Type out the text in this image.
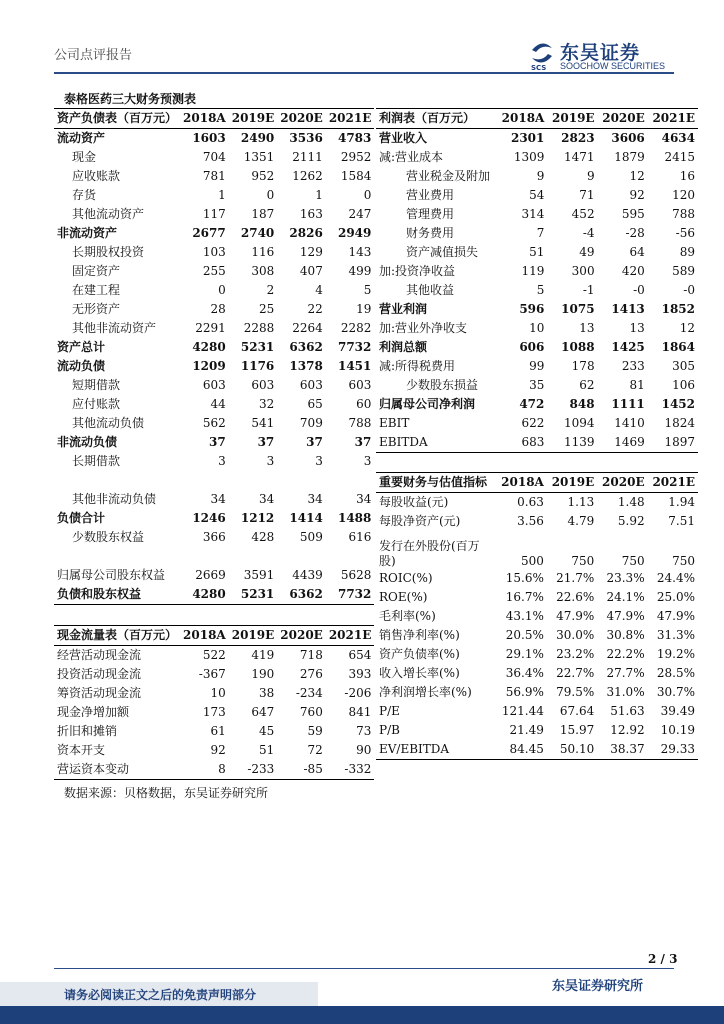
公司点评报告
SCS
东吴证券
SOOCHOW SECURITIES
泰格医药三大财务预测表
资产负债表（百万元）	2018A	2019E	2020E	2021E
流动资产	1603	2490	3536	4783
现金	704	1351	2111	2952
应收账款	781	952	1262	1584
存货	1	0	1	0
其他流动资产	117	187	163	247
非流动资产	2677	2740	2826	2949
长期股权投资	103	116	129	143
固定资产	255	308	407	499
在建工程	0	2	4	5
无形资产	28	25	22	19
其他非流动资产	2291	2288	2264	2282
资产总计	4280	5231	6362	7732
流动负债	1209	1176	1378	1451
短期借款	603	603	603	603
应付账款	44	32	65	60
其他流动负债	562	541	709	788
非流动负债	37	37	37	37
长期借款	3	3	3	3

其他非流动负债	34	34	34	34
负债合计	1246	1212	1414	1488
少数股东权益	366	428	509	616

归属母公司股东权益	2669	3591	4439	5628
负债和股东权益	4280	5231	6362	7732
利润表（百万元）	2018A	2019E	2020E	2021E
营业收入	2301	2823	3606	4634
减:营业成本	1309	1471	1879	2415
营业税金及附加	9	9	12	16
营业费用	54	71	92	120
管理费用	314	452	595	788
财务费用	7	-4	-28	-56
资产减值损失	51	49	64	89
加:投资净收益	119	300	420	589
其他收益	5	-1	-0	-0
营业利润	596	1075	1413	1852
加:营业外净收支	10	13	13	12
利润总额	606	1088	1425	1864
减:所得税费用	99	178	233	305
少数股东损益	35	62	81	106
归属母公司净利润	472	848	1111	1452
EBIT	622	1094	1410	1824
EBITDA	683	1139	1469	1897
重要财务与估值指标	2018A	2019E	2020E	2021E
每股收益(元)	0.63	1.13	1.48	1.94
每股净资产(元)	3.56	4.79	5.92	7.51
发行在外股份(百万股)	500	750	750	750
ROIC(%)	15.6%	21.7%	23.3%	24.4%
ROE(%)	16.7%	22.6%	24.1%	25.0%
毛利率(%)	43.1%	47.9%	47.9%	47.9%
销售净利率(%)	20.5%	30.0%	30.8%	31.3%
资产负债率(%)	29.1%	23.2%	22.2%	19.2%
收入增长率(%)	36.4%	22.7%	27.7%	28.5%
净利润增长率(%)	56.9%	79.5%	31.0%	30.7%
P/E	121.44	67.64	51.63	39.49
P/B	21.49	15.97	12.92	10.19
EV/EBITDA	84.45	50.10	38.37	29.33
现金流量表（百万元）	2018A	2019E	2020E	2021E
经营活动现金流	522	419	718	654
投资活动现金流	-367	190	276	393
筹资活动现金流	10	38	-234	-206
现金净增加额	173	647	760	841
折旧和摊销	61	45	59	73
资本开支	92	51	72	90
营运资本变动	8	-233	-85	-332
数据来源：贝格数据，东吴证券研究所
2 / 3
请务必阅读正文之后的免责声明部分
东吴证券研究所
